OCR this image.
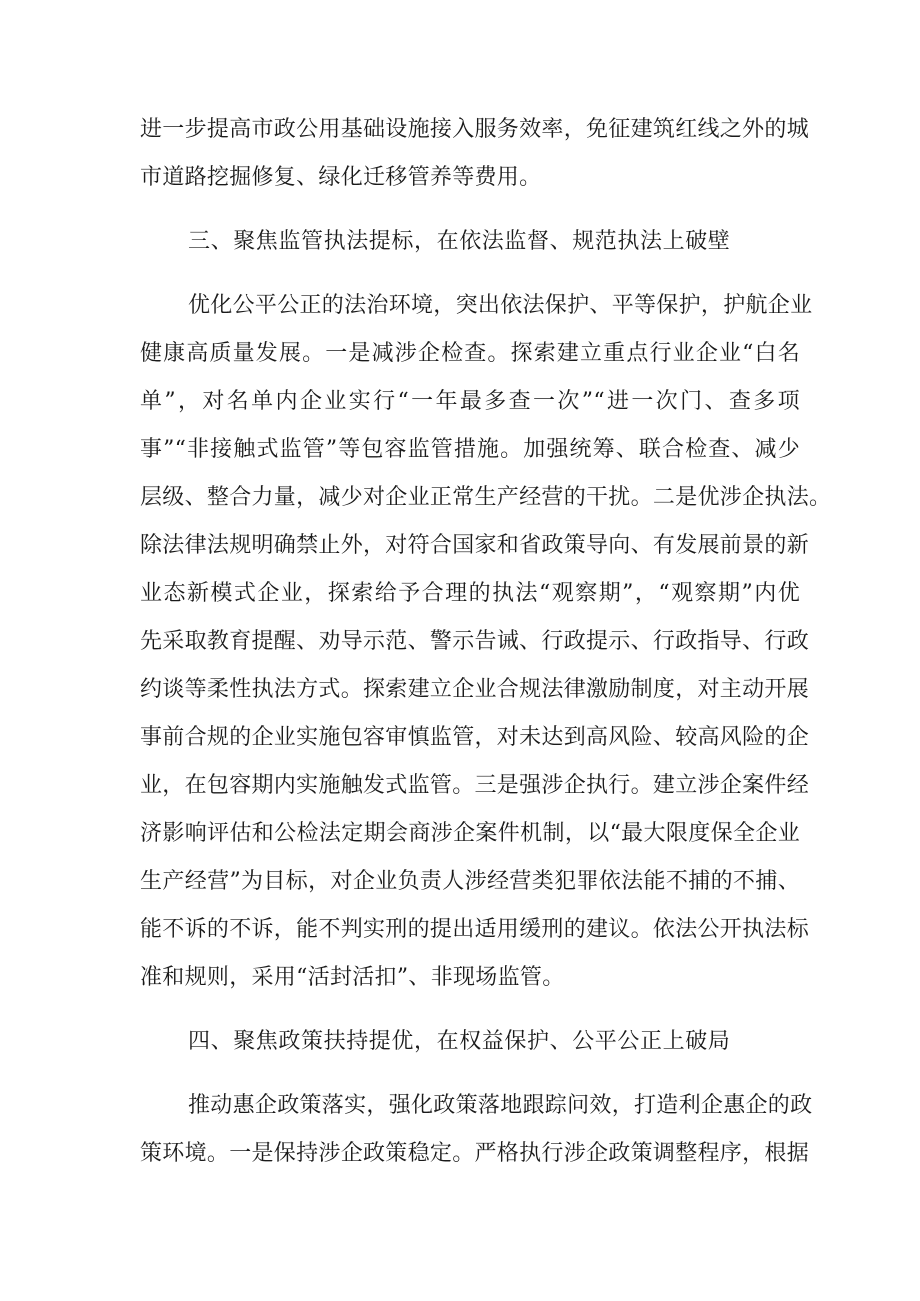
进一步提高市政公用基础设施接入服务效率，免征建筑红线之外的城
市道路挖掘修复、绿化迁移管养等费用。
三、聚焦监管执法提标，在依法监督、规范执法上破壁
优化公平公正的法治环境，突出依法保护、平等保护，护航企业
健康高质量发展。一是减涉企检查。探索建立重点行业企业“白名
单”，对名单内企业实行“一年最多查一次”“进一次门、查多项
事”“非接触式监管”等包容监管措施。加强统筹、联合检查、减少
层级、整合力量，减少对企业正常生产经营的干扰。二是优涉企执法。
除法律法规明确禁止外，对符合国家和省政策导向、有发展前景的新
业态新模式企业，探索给予合理的执法“观察期”，“观察期”内优
先采取教育提醒、劝导示范、警示告诫、行政提示、行政指导、行政
约谈等柔性执法方式。探索建立企业合规法律激励制度，对主动开展
事前合规的企业实施包容审慎监管，对未达到高风险、较高风险的企
业，在包容期内实施触发式监管。三是强涉企执行。建立涉企案件经
济影响评估和公检法定期会商涉企案件机制，以“最大限度保全企业
生产经营”为目标，对企业负责人涉经营类犯罪依法能不捕的不捕、
能不诉的不诉，能不判实刑的提出适用缓刑的建议。依法公开执法标
准和规则，采用“活封活扣”、非现场监管。
四、聚焦政策扶持提优，在权益保护、公平公正上破局
推动惠企政策落实，强化政策落地跟踪问效，打造利企惠企的政
策环境。一是保持涉企政策稳定。严格执行涉企政策调整程序，根据
